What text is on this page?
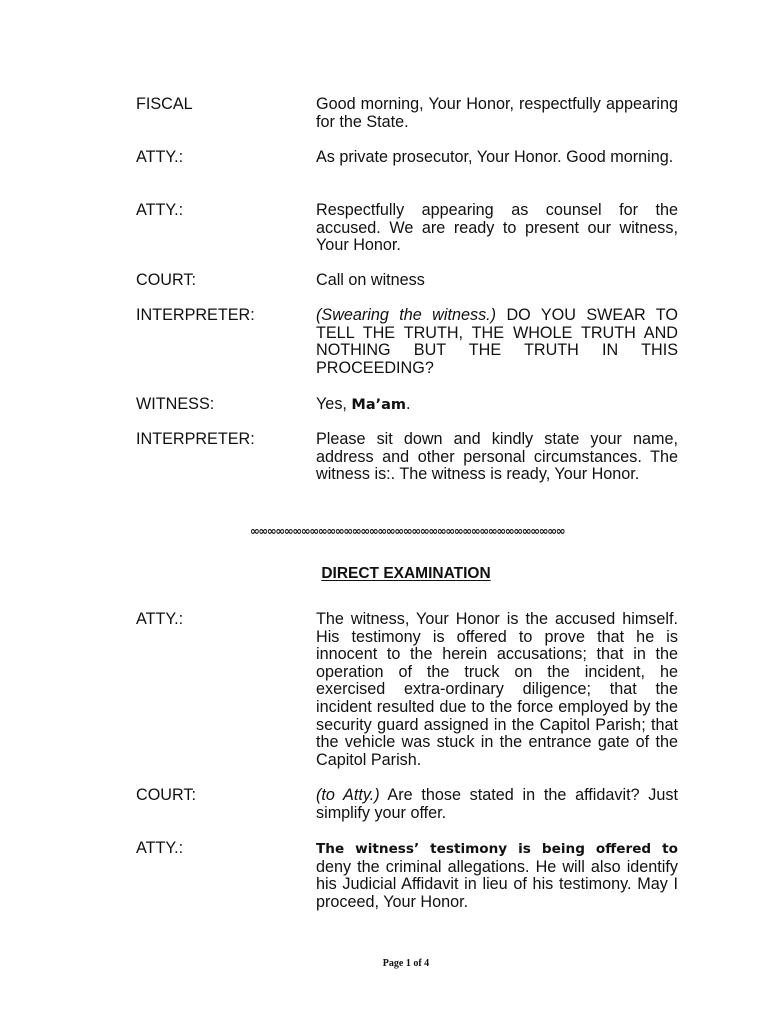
FISCAL	Good morning, Your Honor, respectfully appearing for the State.
ATTY.:	As private prosecutor, Your Honor. Good morning.
ATTY.:	Respectfully appearing as counsel for the accused. We are ready to present our witness, Your Honor.
COURT:	Call on witness
INTERPRETER:	(Swearing the witness.) DO YOU SWEAR TO TELL THE TRUTH, THE WHOLE TRUTH AND NOTHING BUT THE TRUTH IN THIS PROCEEDING?
WITNESS:	Yes, Ma’am.
INTERPRETER:	Please sit down and kindly state your name, address and other personal circumstances. The witness is:. The witness is ready, Your Honor.
∞∞∞∞∞∞∞∞∞∞∞∞∞∞∞∞∞∞∞∞∞∞∞∞∞∞∞∞∞∞∞∞∞∞∞∞∞
DIRECT EXAMINATION
ATTY.:	The witness, Your Honor is the accused himself. His testimony is offered to prove that he is innocent to the herein accusations; that in the operation of the truck on the incident, he exercised extra-ordinary diligence; that the incident resulted due to the force employed by the security guard assigned in the Capitol Parish; that the vehicle was stuck in the entrance gate of the Capitol Parish.
COURT:	(to Atty.) Are those stated in the affidavit? Just simplify your offer.
ATTY.:	The witness’ testimony is being offered to deny the criminal allegations. He will also identify his Judicial Affidavit in lieu of his testimony. May I proceed, Your Honor.
Page 1 of 4
